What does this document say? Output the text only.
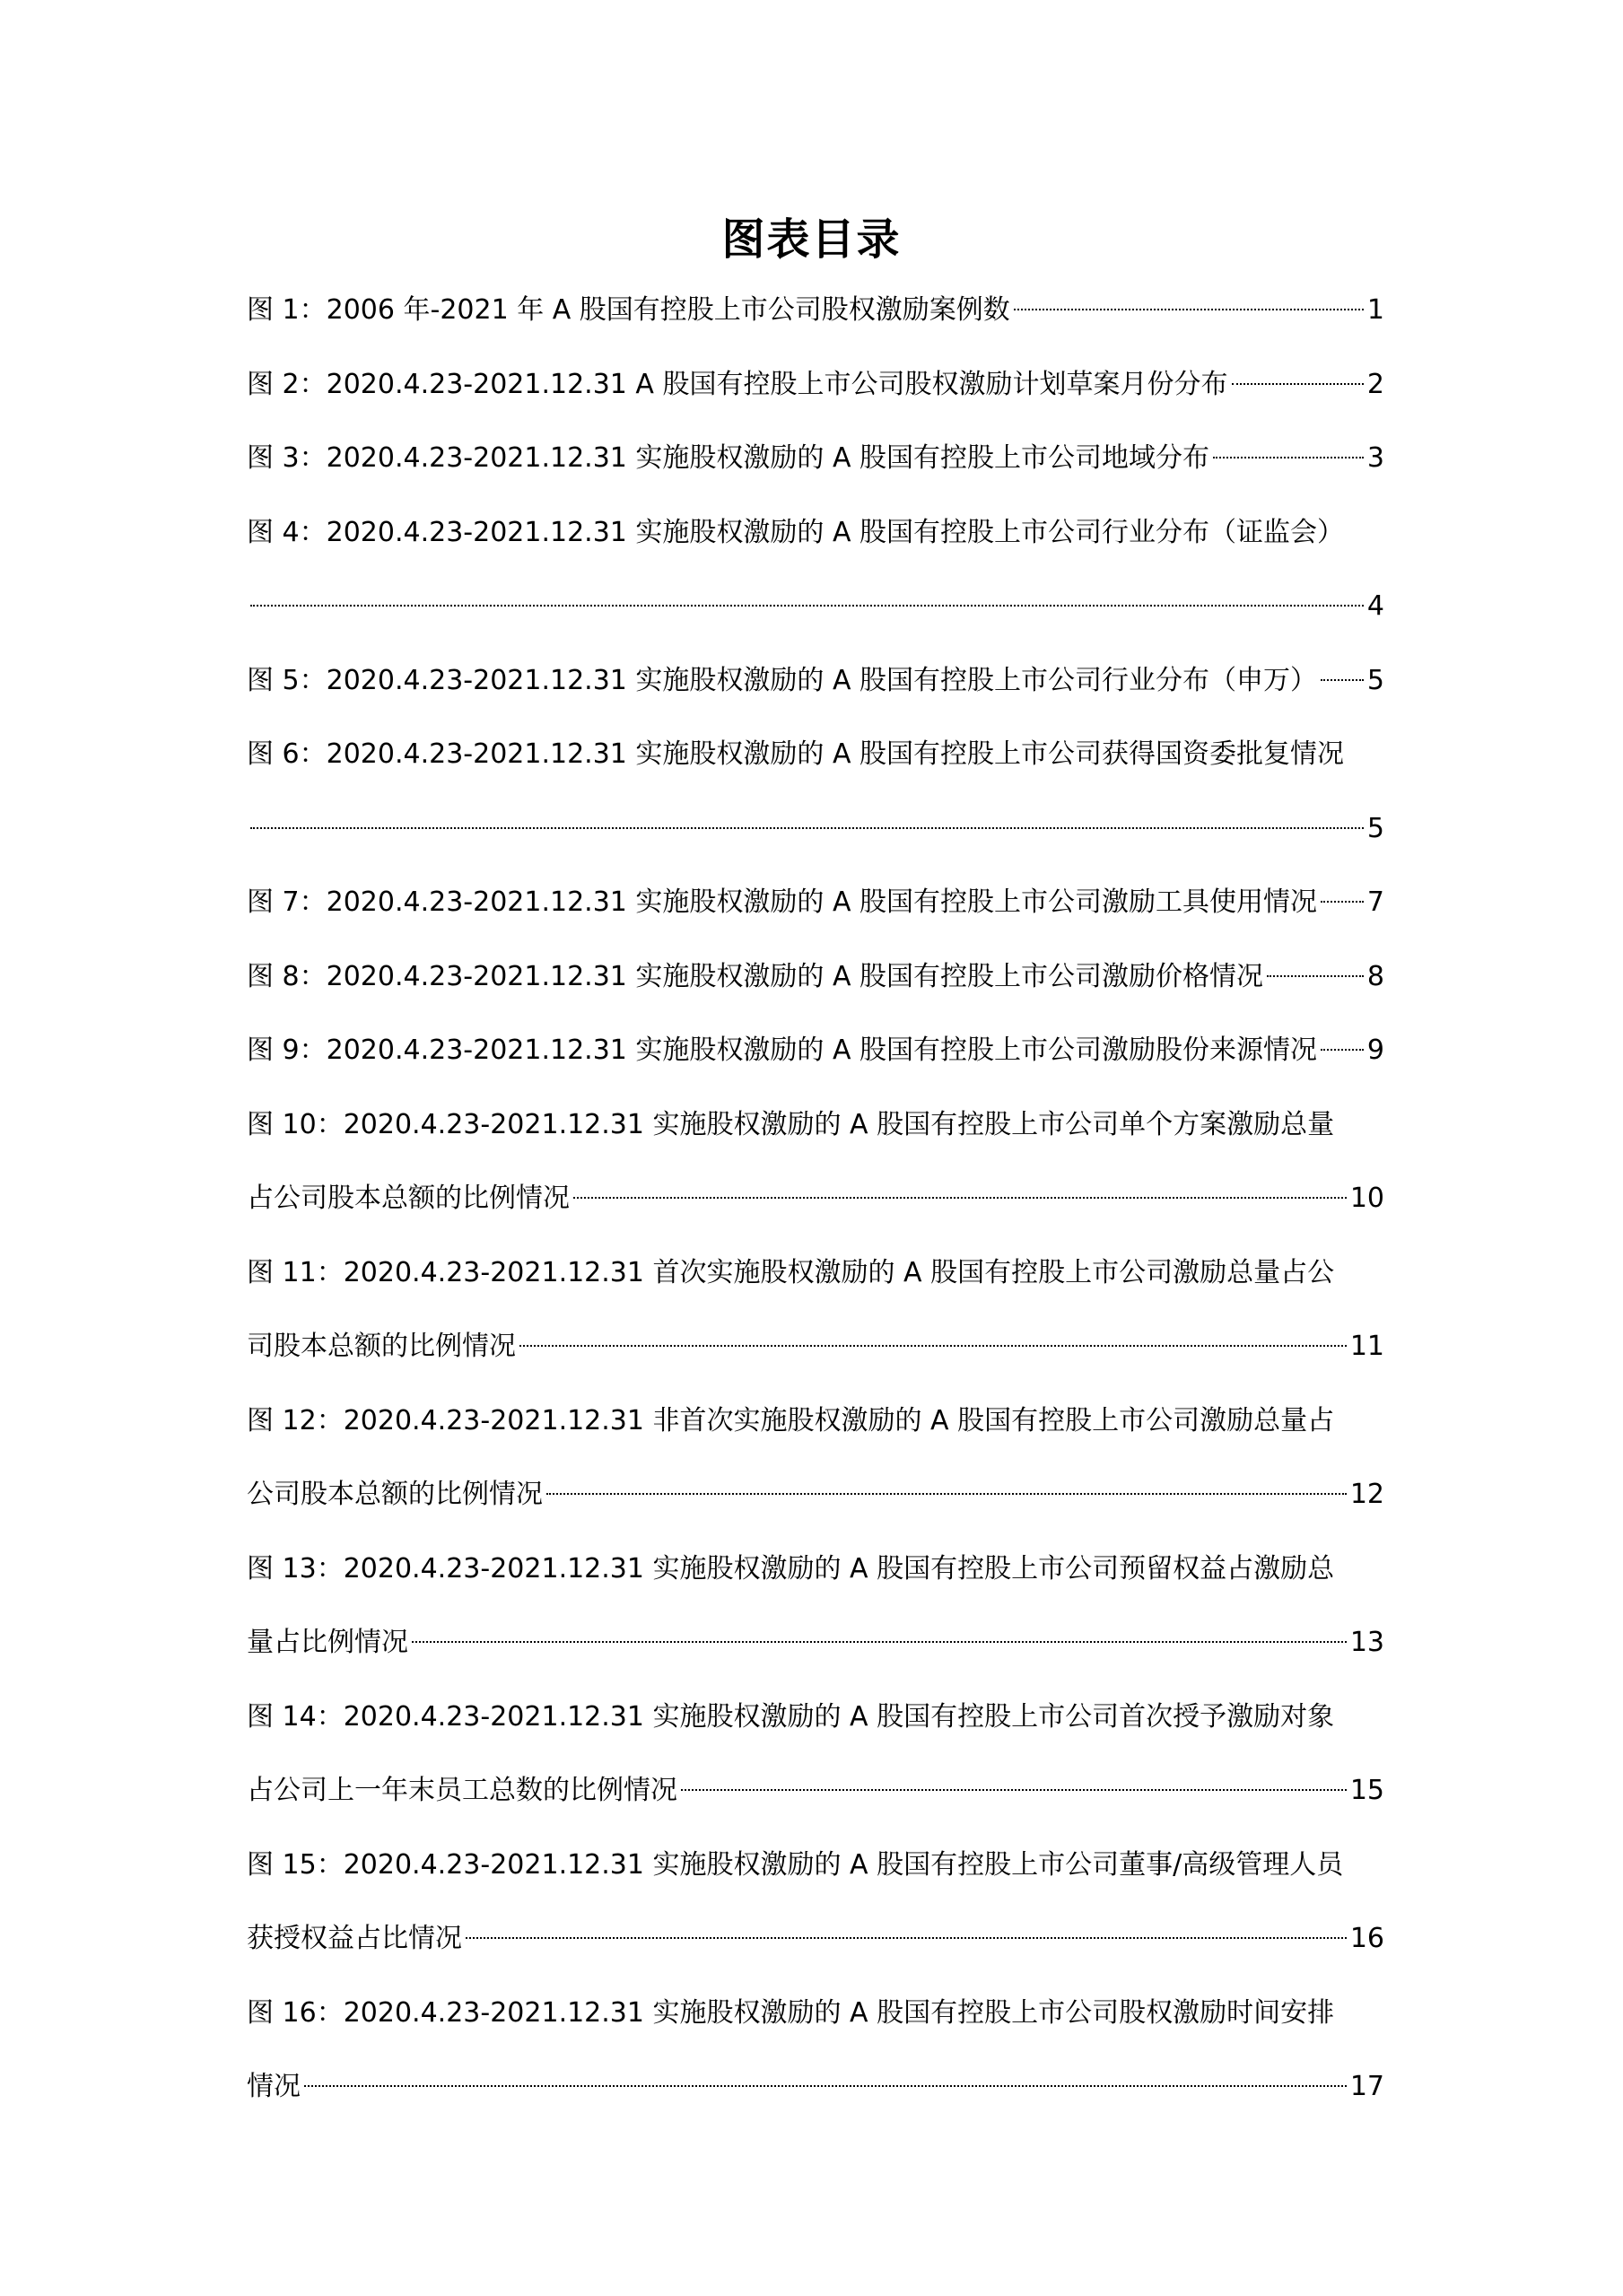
图表目录
图 1：2006 年-2021 年 A 股国有控股上市公司股权激励案例数	1
图 2：2020.4.23-2021.12.31 A 股国有控股上市公司股权激励计划草案月份分布	2
图 3：2020.4.23-2021.12.31 实施股权激励的 A 股国有控股上市公司地域分布	3
图 4：2020.4.23-2021.12.31 实施股权激励的 A 股国有控股上市公司行业分布（证监会）
4
图 5：2020.4.23-2021.12.31 实施股权激励的 A 股国有控股上市公司行业分布（申万） 5
图 6：2020.4.23-2021.12.31 实施股权激励的 A 股国有控股上市公司获得国资委批复情况
5
图 7：2020.4.23-2021.12.31 实施股权激励的 A 股国有控股上市公司激励工具使用情况 7
图 8：2020.4.23-2021.12.31 实施股权激励的 A 股国有控股上市公司激励价格情况	8
图 9：2020.4.23-2021.12.31 实施股权激励的 A 股国有控股上市公司激励股份来源情况 9
图 10：2020.4.23-2021.12.31 实施股权激励的 A 股国有控股上市公司单个方案激励总量
占公司股本总额的比例情况	10
图 11：2020.4.23-2021.12.31 首次实施股权激励的 A 股国有控股上市公司激励总量占公
司股本总额的比例情况	11
图 12：2020.4.23-2021.12.31 非首次实施股权激励的 A 股国有控股上市公司激励总量占
公司股本总额的比例情况	12
图 13：2020.4.23-2021.12.31 实施股权激励的 A 股国有控股上市公司预留权益占激励总
量占比例情况	13
图 14：2020.4.23-2021.12.31 实施股权激励的 A 股国有控股上市公司首次授予激励对象
占公司上一年末员工总数的比例情况	15
图 15：2020.4.23-2021.12.31 实施股权激励的 A 股国有控股上市公司董事/高级管理人员
获授权益占比情况	16
图 16：2020.4.23-2021.12.31 实施股权激励的 A 股国有控股上市公司股权激励时间安排
情况	17
